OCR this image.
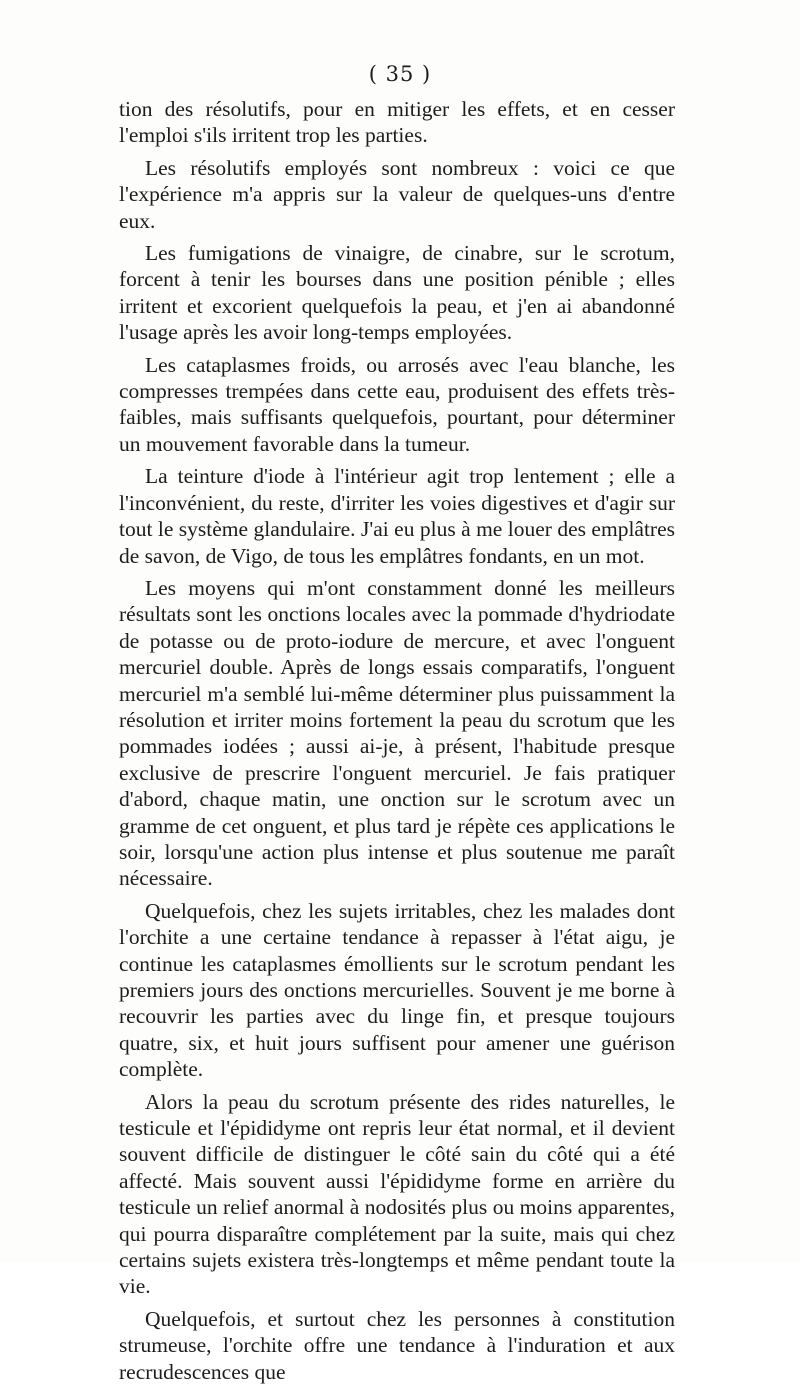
( 35 )

tion des résolutifs, pour en mitiger les effets, et en cesser l'emploi s'ils irritent trop les parties.

Les résolutifs employés sont nombreux : voici ce que l'expérience m'a appris sur la valeur de quelques-uns d'entre eux.

Les fumigations de vinaigre, de cinabre, sur le scrotum, forcent à tenir les bourses dans une position pénible ; elles irritent et excorient quelquefois la peau, et j'en ai abandonné l'usage après les avoir long-temps employées.

Les cataplasmes froids, ou arrosés avec l'eau blanche, les compresses trempées dans cette eau, produisent des effets très-faibles, mais suffisants quelquefois, pourtant, pour déterminer un mouvement favorable dans la tumeur.

La teinture d'iode à l'intérieur agit trop lentement ; elle a l'inconvénient, du reste, d'irriter les voies digestives et d'agir sur tout le système glandulaire. J'ai eu plus à me louer des emplâtres de savon, de Vigo, de tous les emplâtres fondants, en un mot.

Les moyens qui m'ont constamment donné les meilleurs résultats sont les onctions locales avec la pommade d'hydriodate de potasse ou de proto-iodure de mercure, et avec l'onguent mercuriel double. Après de longs essais comparatifs, l'onguent mercuriel m'a semblé lui-même déterminer plus puissamment la résolution et irriter moins fortement la peau du scrotum que les pommades iodées ; aussi ai-je, à présent, l'habitude presque exclusive de prescrire l'onguent mercuriel. Je fais pratiquer d'abord, chaque matin, une onction sur le scrotum avec un gramme de cet onguent, et plus tard je répète ces applications le soir, lorsqu'une action plus intense et plus soutenue me paraît nécessaire.

Quelquefois, chez les sujets irritables, chez les malades dont l'orchite a une certaine tendance à repasser à l'état aigu, je continue les cataplasmes émollients sur le scrotum pendant les premiers jours des onctions mercurielles. Souvent je me borne à recouvrir les parties avec du linge fin, et presque toujours quatre, six, et huit jours suffisent pour amener une guérison complète.

Alors la peau du scrotum présente des rides naturelles, le testicule et l'épididyme ont repris leur état normal, et il devient souvent difficile de distinguer le côté sain du côté qui a été affecté. Mais souvent aussi l'épididyme forme en arrière du testicule un relief anormal à nodosités plus ou moins apparentes, qui pourra disparaître complétement par la suite, mais qui chez certains sujets existera très-longtemps et même pendant toute la vie.

Quelquefois, et surtout chez les personnes à constitution strumeuse, l'orchite offre une tendance à l'induration et aux recrudescences que
